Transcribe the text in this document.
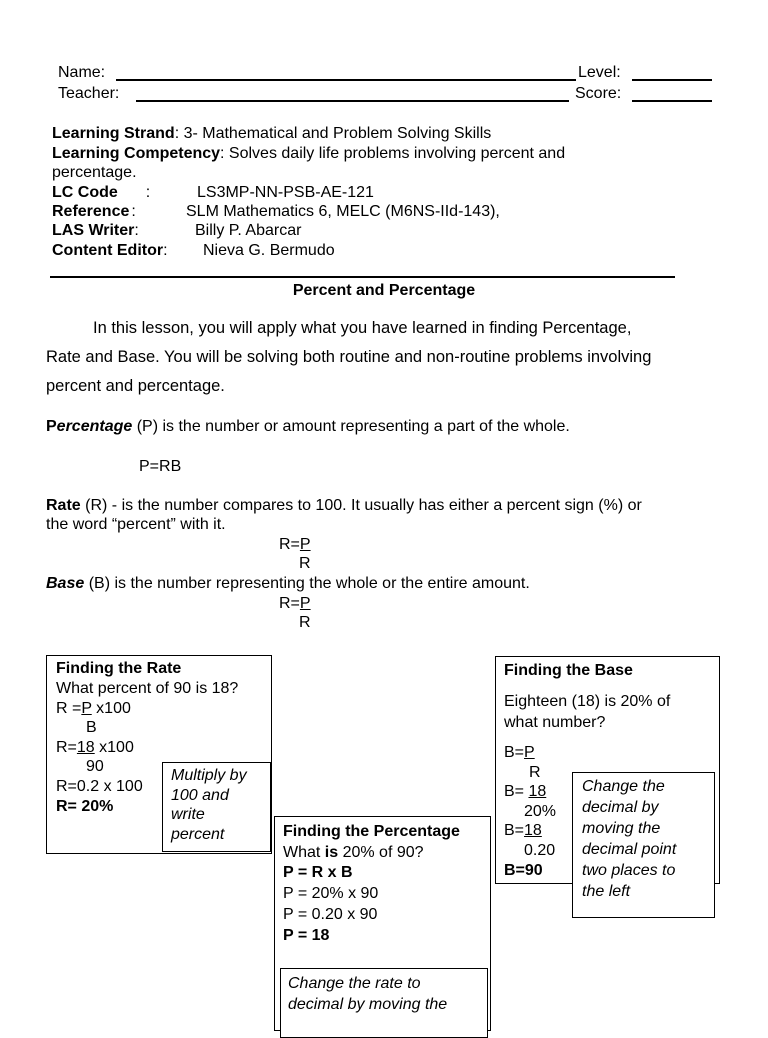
Name:	Level:
Teacher:	Score:
Learning Strand: 3- Mathematical and Problem Solving Skills
Learning Competency: Solves daily life problems involving percent and
percentage.
LC Code :	LS3MP-NN-PSB-AE-121
Reference :	SLM Mathematics 6, MELC (M6NS-IId-143),
LAS Writer:	Billy P. Abarcar
Content Editor: Nieva G. Bermudo
Percent and Percentage
In this lesson, you will apply what you have learned in finding Percentage,
Rate and Base. You will be solving both routine and non-routine problems involving
percent and percentage.
Percentage (P) is the number or amount representing a part of the whole.
P=RB
Rate (R) - is the number compares to 100. It usually has either a percent sign (%) or
the word “percent” with it.
R=P
R
Base (B) is the number representing the whole or the entire amount.
R=P
R
Finding the Rate
What percent of 90 is 18?
R =P x100
B
R=18 x100
90
R=0.2 x 100
R= 20%
Multiply by
100 and
write
percent	Finding the Percentage
What is 20% of 90?
P = R x B
P = 20% x 90
P = 0.20 x 90
P = 18
Change the rate to
decimal by moving the
Finding the Base
Eighteen (18) is 20% of
what number?
B=P
R
B= 18
20%
B=18
0.20
B=90
Change the
decimal by
moving the
decimal point
two places to
the left
